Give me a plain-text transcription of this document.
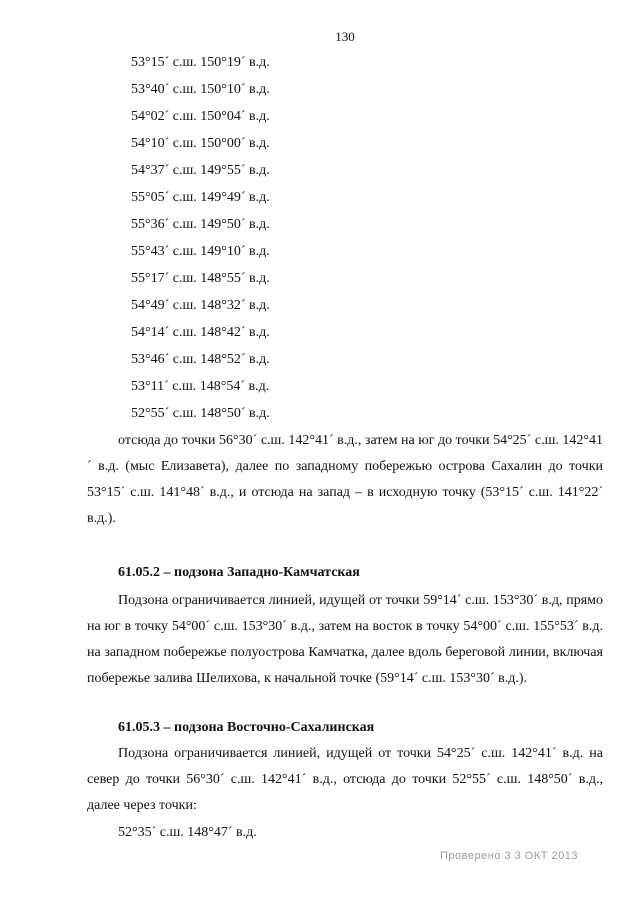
130
53°15´ с.ш. 150°19´ в.д.
53°40´ с.ш. 150°10´ в.д.
54°02´ с.ш. 150°04´ в.д.
54°10´ с.ш. 150°00´ в.д.
54°37´ с.ш. 149°55´ в.д.
55°05´ с.ш. 149°49´ в.д.
55°36´ с.ш. 149°50´ в.д.
55°43´ с.ш. 149°10´ в.д.
55°17´ с.ш. 148°55´ в.д.
54°49´ с.ш. 148°32´ в.д.
54°14´ с.ш. 148°42´ в.д.
53°46´ с.ш. 148°52´ в.д.
53°11´ с.ш. 148°54´ в.д.
52°55´ с.ш. 148°50´ в.д.

отсюда до точки 56°30´ с.ш. 142°41´ в.д., затем на юг до точки 54°25´ с.ш. 142°41´ в.д. (мыс Елизавета), далее по западному побережью острова Сахалин до точки 53°15´ с.ш. 141°48´ в.д., и отсюда на запад – в исходную точку (53°15´ с.ш. 141°22´ в.д.).

61.05.2 – подзона Западно-Камчатская

Подзона ограничивается линией, идущей от точки 59°14´ с.ш. 153°30´ в.д, прямо на юг в точку 54°00´ с.ш. 153°30´ в.д., затем на восток в точку 54°00´ с.ш. 155°53´ в.д. на западном побережье полуострова Камчатка, далее вдоль береговой линии, включая побережье залива Шелихова, к начальной точке (59°14´ с.ш. 153°30´ в.д.).

61.05.3 – подзона Восточно-Сахалинская

Подзона ограничивается линией, идущей от точки 54°25´ с.ш. 142°41´ в.д. на север до точки 56°30´ с.ш. 142°41´ в.д., отсюда до точки 52°55´ с.ш. 148°50´ в.д., далее через точки:

52°35´ с.ш. 148°47´ в.д.
Проверено 3 3 ОКТ 2013
